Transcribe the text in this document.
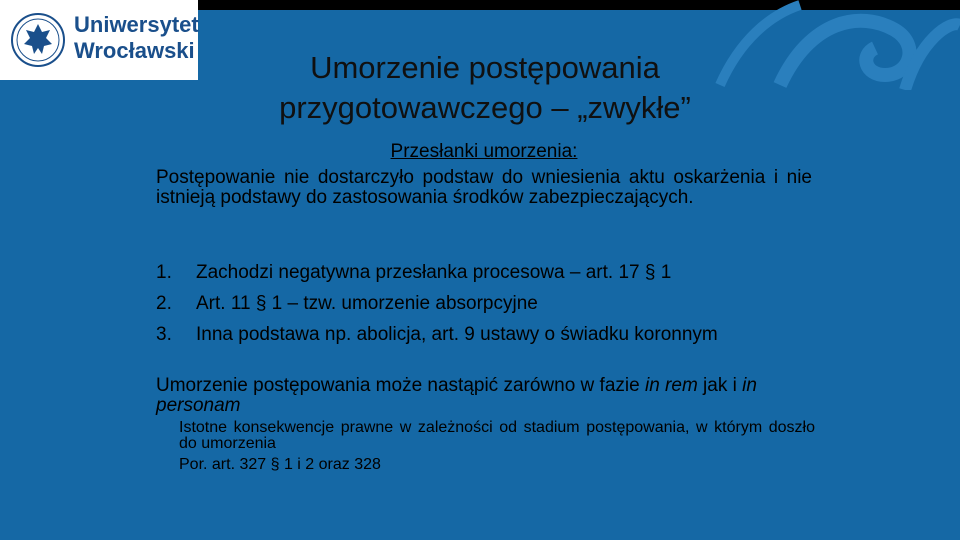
Uniwersytet
Wrocławski	Umorzenie postępowania
przygotowawczego – „zwykłe”
Przesłanki umorzenia:
Postępowanie nie dostarczyło podstaw do wniesienia aktu oskarżenia i nie istnieją podstawy do zastosowania środków zabezpieczających.
1.	Zachodzi negatywna przesłanka procesowa – art. 17 § 1
2.	Art. 11 § 1 – tzw. umorzenie absorpcyjne
3.	Inna podstawa np. abolicja, art. 9 ustawy o świadku koronnym
Umorzenie postępowania może nastąpić zarówno w fazie in rem jak i in personam
Istotne konsekwencje prawne w zależności od stadium postępowania, w którym doszło do umorzenia
Por. art. 327 § 1 i 2 oraz 328
